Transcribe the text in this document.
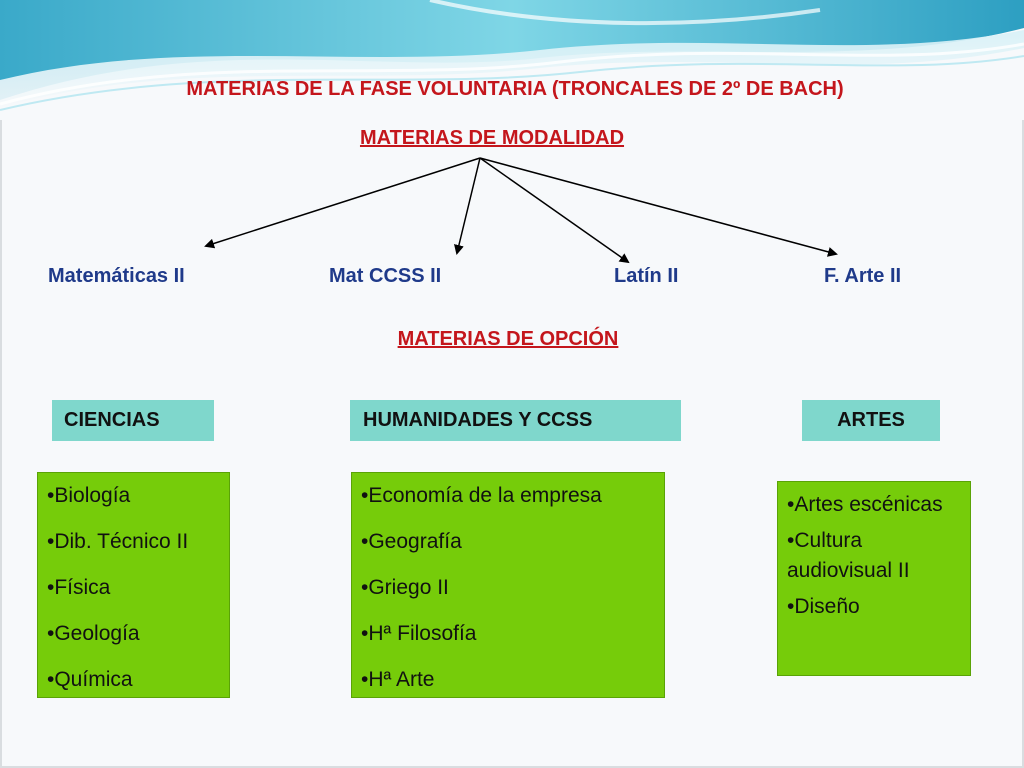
MATERIAS DE LA FASE VOLUNTARIA (TRONCALES DE 2º DE BACH)
MATERIAS DE MODALIDAD
Matemáticas II	Mat CCSS II	Latín II	F. Arte II
MATERIAS DE OPCIÓN
CIENCIAS	HUMANIDADES Y CCSS	ARTES
•Biología
•Dib. Técnico II
•Física
•Geología
•Química
•Economía de la empresa
•Geografía
•Griego II
•Hª Filosofía
•Hª Arte
•Artes escénicas
•Cultura audiovisual II
•Diseño
